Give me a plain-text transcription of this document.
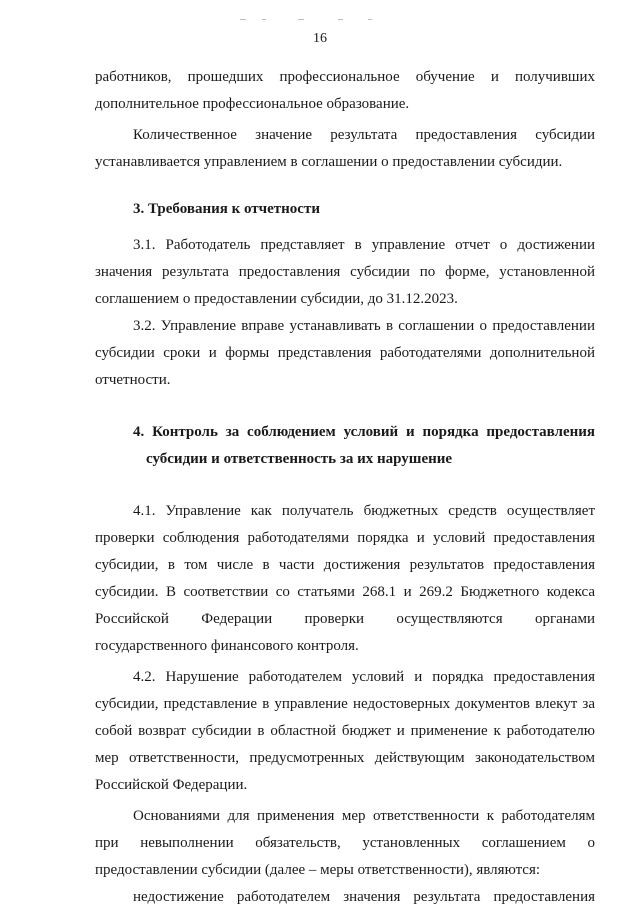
16

работников, прошедших профессиональное обучение и получивших дополнительное профессиональное образование.

Количественное значение результата предоставления субсидии устанавливается управлением в соглашении о предоставлении субсидии.

3. Требования к отчетности

3.1. Работодатель представляет в управление отчет о достижении значения результата предоставления субсидии по форме, установленной соглашением о предоставлении субсидии, до 31.12.2023.

3.2. Управление вправе устанавливать в соглашении о предоставлении субсидии сроки и формы представления работодателями дополнительной отчетности.

4. Контроль за соблюдением условий и порядка предоставления
субсидии и ответственность за их нарушение

4.1. Управление как получатель бюджетных средств осуществляет проверки соблюдения работодателями порядка и условий предоставления субсидии, в том числе в части достижения результатов предоставления субсидии. В соответствии со статьями 268.1 и 269.2 Бюджетного кодекса Российской Федерации проверки осуществляются органами государственного финансового контроля.

4.2. Нарушение работодателем условий и порядка предоставления субсидии, представление в управление недостоверных документов влекут за собой возврат субсидии в областной бюджет и применение к работодателю мер ответственности, предусмотренных действующим законодательством Российской Федерации.

Основаниями для применения мер ответственности к работодателям при невыполнении обязательств, установленных соглашением о предоставлении субсидии (далее – меры ответственности), являются:

недостижение работодателем значения результата предоставления
